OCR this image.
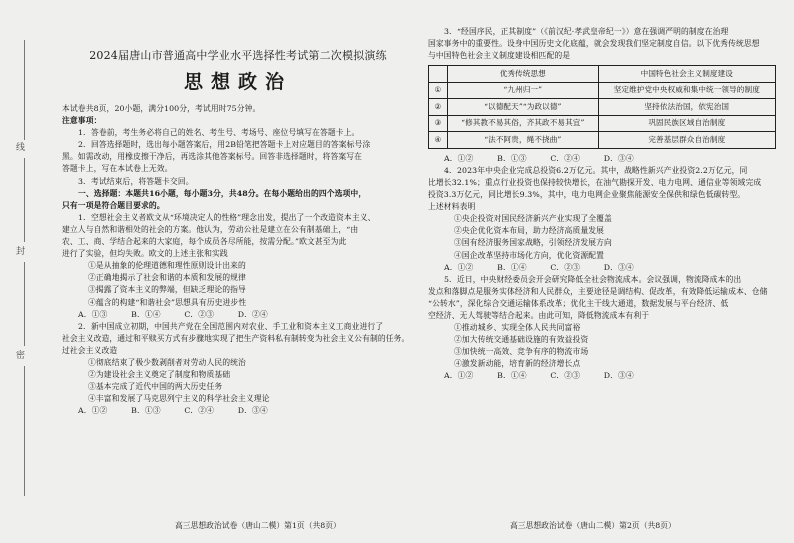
线
封
密
2024届唐山市普通高中学业水平选择性考试第二次模拟演练
思想政治
本试卷共8页，20小题，满分100分，考试用时75分钟。
注意事项：
1．答卷前，考生务必将自己的姓名、考生号、考场号、座位号填写在答题卡上。
2．回答选择题时，选出每小题答案后，用2B铅笔把答题卡上对应题目的答案标号涂
黑。如需改动，用橡皮擦干净后，再选涂其他答案标号。回答非选择题时，将答案写在
答题卡上，写在本试卷上无效。
3．考试结束后，将答题卡交回。
一、选择题：本题共16小题，每小题3分，共48分。在每小题给出的四个选项中，
只有一项是符合题目要求的。
1．空想社会主义者欧文从“环境决定人的性格”理念出发，提出了一个改造资本主义、
建立人与自然和谐相处的社会的方案。他认为，劳动公社是建立在公有制基础上，“由
农、工、商、学结合起来的大家庭，每个成员各尽所能，按需分配。”欧文甚至为此
进行了实验，但均失败。欧文的上述主张和实践
①是从抽象的伦理道德和理性原则设计出来的
②正确地揭示了社会和谐的本质和发展的规律
③揭露了资本主义的弊端，但缺乏理论的指导
④蕴含的构建“和谐社会”思想具有历史进步性
A．①③　　　B．①④　　　C．②③　　　D．②④
2．新中国成立初期，中国共产党在全国范围内对农业、手工业和资本主义工商业进行了
社会主义改造，通过和平赎买方式有步骤地实现了把生产资料私有制转变为社会主义公有制的任务。
过社会主义改造
①彻底结束了极少数剥削者对劳动人民的统治
②为建设社会主义奠定了制度和物质基础
③基本完成了近代中国的两大历史任务
④丰富和发展了马克思列宁主义的科学社会主义理论
A．①②　　　B．①③　　　C．②④　　　D．③④
3．“经国序民，正其制度”（《前汉纪·孝武皇帝纪一》）意在强调严明的制度在治理
国家事务中的重要性。设身中国历史文化底蕴，就会发现我们坚定制度自信。以下优秀传统思想
与中国特色社会主义制度建设相匹配的是
	优秀传统思想	中国特色社会主义制度建设
①	“九州归一”	坚定维护党中央权威和集中统一领导的制度
②	“以德配天”“为政以德”	坚持依法治国，依宪治国
③	“修其教不易其俗，齐其政不易其宜”	巩固民族区域自治制度
④	“法不阿贵，绳不挠曲”	完善基层群众自治制度
A．①②　　　B．①③　　　C．②④　　　D．③④
4．2023年中央企业完成总投资6.2万亿元。其中，战略性新兴产业投资2.2万亿元，同
比增长32.1%；重点行业投资也保持较快增长，在油气勘探开发、电力电网、通信业等领域完成
投资3.3万亿元，同比增长9.3%，其中，电力电网企业聚焦能源安全保供和绿色低碳转型。
上述材料表明
①央企投资对国民经济新兴产业实现了全覆盖
②央企优化资本布局，助力经济高质量发展
③国有经济服务国家战略，引领经济发展方向
④国企改革坚持市场化方向，优化资源配置
A．①②　　　B．①④　　　C．②③　　　D．③④
5．近日，中央财经委员会开会研究降低全社会物流成本。会议强调，物流降成本的出
发点和落脚点是服务实体经济和人民群众，主要途径是调结构、促改革，有效降低运输成本、仓储
“公转水”，深化综合交通运输体系改革；优化主干线大通道，数据发展与平台经济、低
空经济、无人驾驶等结合起来。由此可知，降低物流成本有利于
①推动城乡、实现全体人民共同富裕
②加大传统交通基础设施的有效益投资
③加快统一高效、竞争有序的物流市场
④激发新动能，培育新的经济增长点
A．①②　　　B．①④　　　C．②③　　　D．③④
高三思想政治试卷（唐山二模）第1页（共8页）	高三思想政治试卷（唐山二模）第2页（共8页）
